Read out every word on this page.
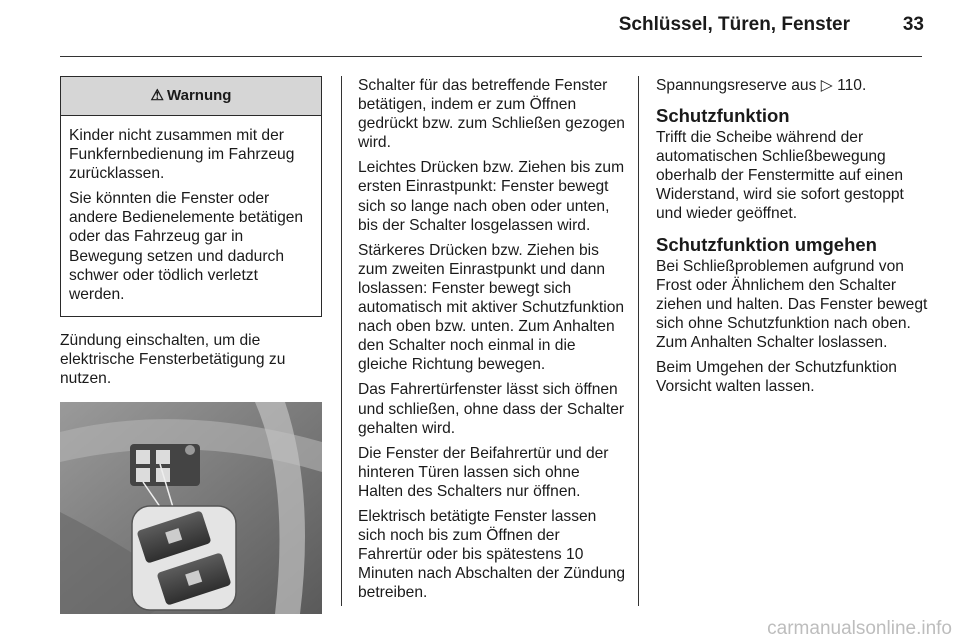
Schlüssel, Türen, Fenster	33
⚠ Warnung

Kinder nicht zusammen mit der Funkfernbedienung im Fahrzeug zurücklassen.

Sie könnten die Fenster oder andere Bedienelemente betätigen oder das Fahrzeug gar in Bewegung setzen und dadurch schwer oder tödlich verletzt werden.

Zündung einschalten, um die elektrische Fensterbetätigung zu nutzen.

Schalter für das betreffende Fenster betätigen, indem er zum Öffnen gedrückt bzw. zum Schließen gezogen wird.

Leichtes Drücken bzw. Ziehen bis zum ersten Einrastpunkt: Fenster bewegt sich so lange nach oben oder unten, bis der Schalter losgelassen wird.

Stärkeres Drücken bzw. Ziehen bis zum zweiten Einrastpunkt und dann loslassen: Fenster bewegt sich automatisch mit aktiver Schutzfunktion nach oben bzw. unten. Zum Anhalten den Schalter noch einmal in die gleiche Richtung bewegen.

Das Fahrertürfenster lässt sich öffnen und schließen, ohne dass der Schalter gehalten wird.

Die Fenster der Beifahrertür und der hinteren Türen lassen sich ohne Halten des Schalters nur öffnen.

Elektrisch betätigte Fenster lassen sich noch bis zum Öffnen der Fahrertür oder bis spätestens 10 Minuten nach Abschalten der Zündung betreiben.

Spannungsreserve aus ▷ 110.

Schutzfunktion

Trifft die Scheibe während der automatischen Schließbewegung oberhalb der Fenstermitte auf einen Widerstand, wird sie sofort gestoppt und wieder geöffnet.

Schutzfunktion umgehen

Bei Schließproblemen aufgrund von Frost oder Ähnlichem den Schalter ziehen und halten. Das Fenster bewegt sich ohne Schutzfunktion nach oben. Zum Anhalten Schalter loslassen.

Beim Umgehen der Schutzfunktion Vorsicht walten lassen.

carmanualsonline.info
